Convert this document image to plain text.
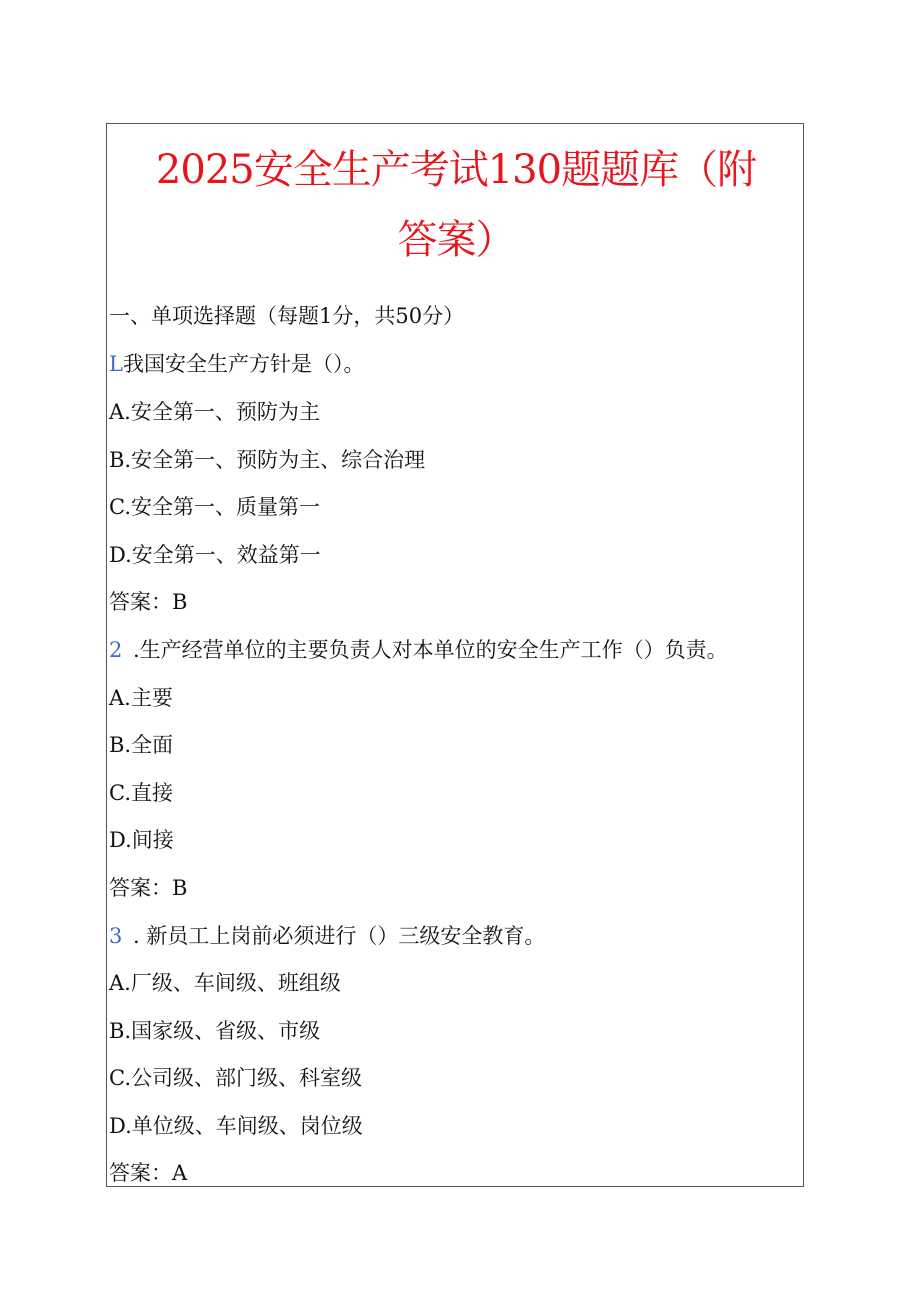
2025安全生产考试130题题库（附
答案）
一、单项选择题（每题1分，共50分）
L我国安全生产方针是（）。
A.安全第一、预防为主
B.安全第一、预防为主、综合治理
C.安全第一、质量第一
D.安全第一、效益第一
答案：B
2 .生产经营单位的主要负责人对本单位的安全生产工作（）负责。
A.主要
B.全面
C.直接
D.间接
答案：B
3 . 新员工上岗前必须进行（）三级安全教育。
A.厂级、车间级、班组级
B.国家级、省级、市级
C.公司级、部门级、科室级
D.单位级、车间级、岗位级
答案：A
